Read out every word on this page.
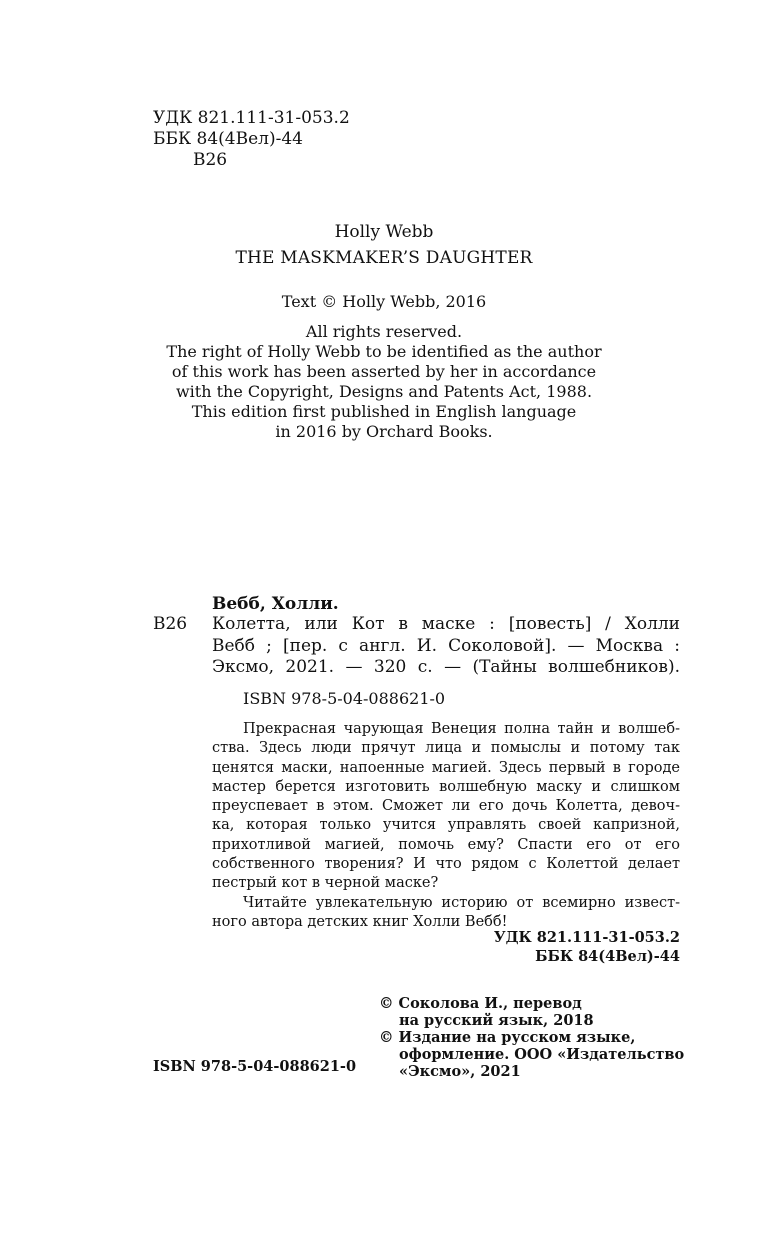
УДК 821.111-31-053.2
ББК 84(4Вел)-44
В26
Holly Webb
THE MASKMAKER’S DAUGHTER
Text © Holly Webb, 2016
All rights reserved.
The right of Holly Webb to be identified as the author
of this work has been asserted by her in accordance
with the Copyright, Designs and Patents Act, 1988.
This edition first published in English language
in 2016 by Orchard Books.
Вебб, Холли.
В26 Колетта, или Кот в маске : [повесть] / Холли
Вебб ; [пер. с англ. И. Соколовой]. — Москва :
Эксмо, 2021. — 320 с. — (Тайны волшебников).
ISBN 978-5-04-088621-0
Прекрасная чарующая Венеция полна тайн и волшеб-
ства. Здесь люди прячут лица и помыслы и потому так
ценятся маски, напоенные магией. Здесь первый в городе
мастер берется изготовить волшебную маску и слишком
преуспевает в этом. Сможет ли его дочь Колетта, девоч-
ка, которая только учится управлять своей капризной,
прихотливой магией, помочь ему? Спасти его от его
собственного творения? И что рядом с Колеттой делает
пестрый кот в черной маске?
Читайте увлекательную историю от всемирно извест-
ного автора детских книг Холли Вебб!
УДК 821.111-31-053.2
ББК 84(4Вел)-44
© Соколова И., перевод
на русский язык, 2018
© Издание на русском языке,
оформление. ООО «Издательство
«Эксмо», 2021
ISBN 978-5-04-088621-0
